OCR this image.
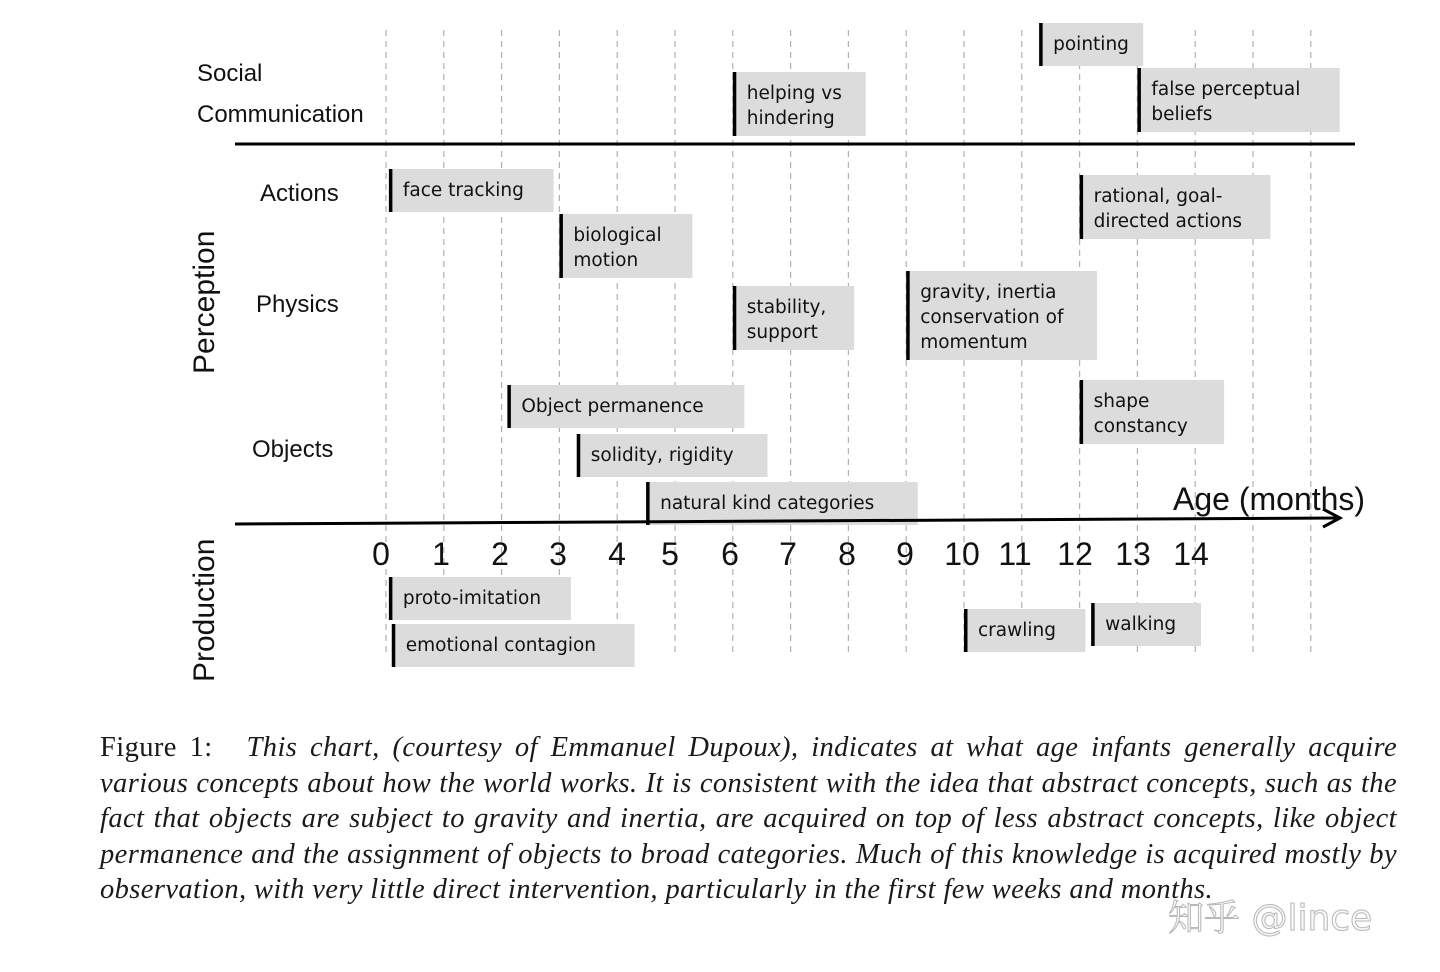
pointing
helping vs
hindering
false perceptual
beliefs
face tracking
biological
motion
rational, goal-
directed actions
stability,
support
gravity, inertia
conservation of
momentum
Object permanence
solidity, rigidity
natural kind categories
shape
constancy
proto-imitation
emotional contagion
crawling	walking
Age (months)
0 1 2 3 4 5 6 7 8 9 10 11 12 13 14
Social
Communication
Actions
Physics
Objects
Perception
Production
Figure 1: This chart, (courtesy of Emmanuel Dupoux), indicates at what age infants generally acquire various concepts about how the world works. It is consistent with the idea that abstract concepts, such as the fact that objects are subject to gravity and inertia, are acquired on top of less abstract concepts, like object permanence and the assignment of objects to broad categories. Much of this knowledge is acquired mostly by observation, with very little direct intervention, particularly in the first few weeks and months.
知乎 @lince
